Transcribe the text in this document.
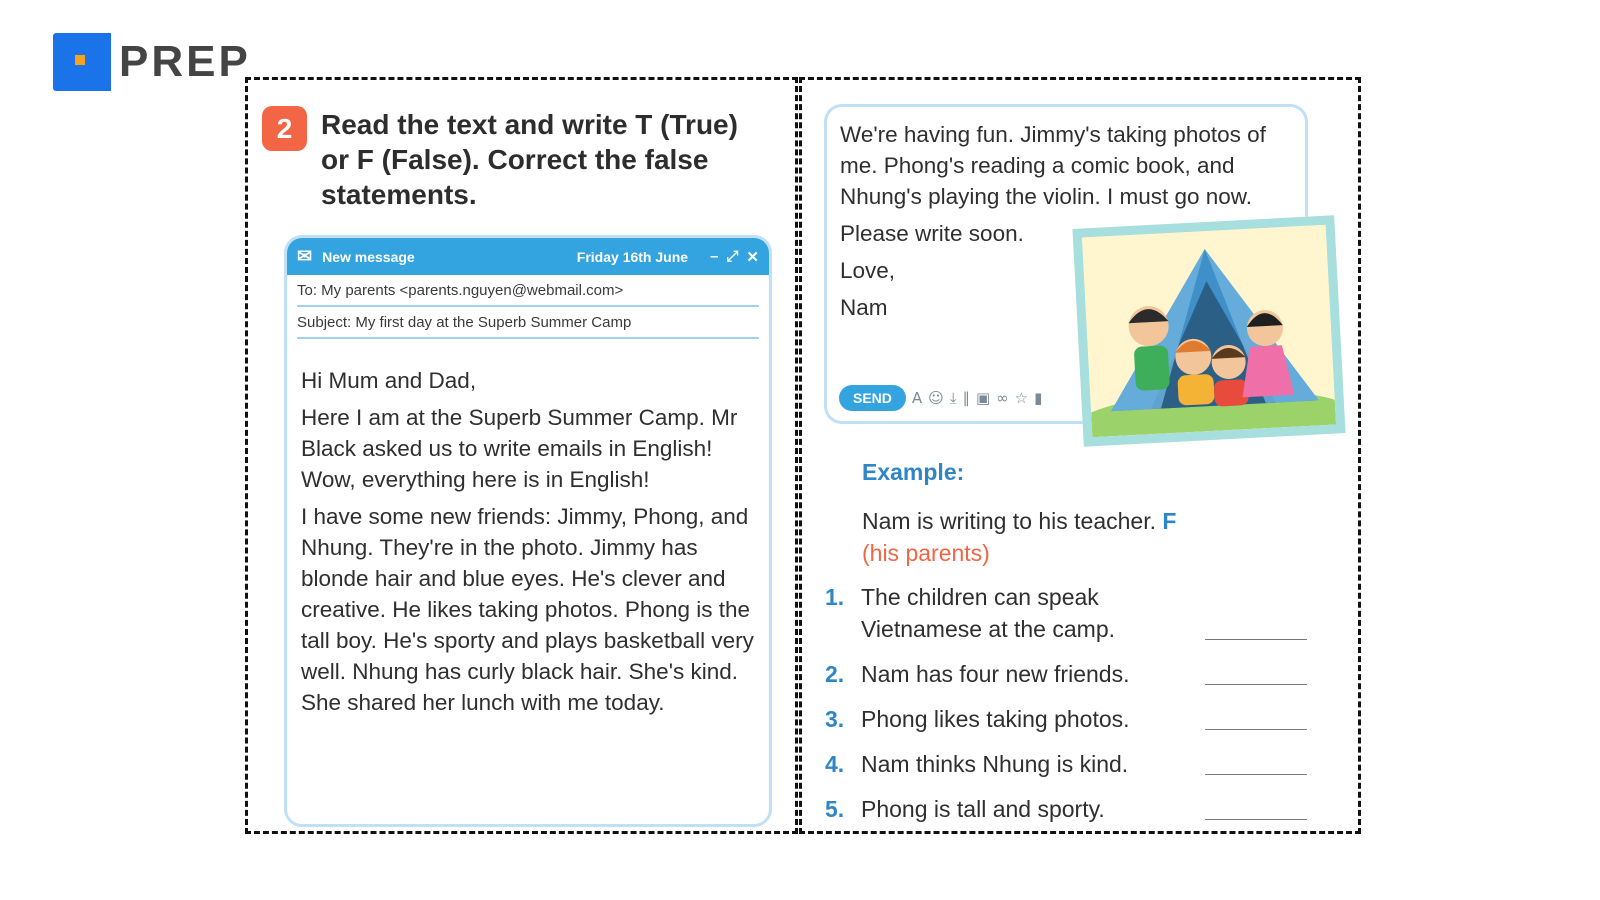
PREP
2	Read the text and write T (True) or F (False). Correct the false statements.

✉ New message	Friday 16th June – ⤢ ✕
To: My parents <parents.nguyen@webmail.com>
Subject: My first day at the Superb Summer Camp

Hi Mum and Dad,

Here I am at the Superb Summer Camp. Mr Black asked us to write emails in English! Wow, everything here is in English!

I have some new friends: Jimmy, Phong, and Nhung. They're in the photo. Jimmy has blonde hair and blue eyes. He's clever and creative. He likes taking photos. Phong is the tall boy. He's sporty and plays basketball very well. Nhung has curly black hair. She's kind. She shared her lunch with me today.

We're having fun. Jimmy's taking photos of me. Phong's reading a comic book, and Nhung's playing the violin. I must go now.

Please write soon.

Love,

Nam

SEND	A ☺ ⤓ ∥ ▣ ∞ ☆ ▮
Example:
Nam is writing to his teacher. F
(his parents)
1. The children can speak Vietnamese at the camp.
2. Nam has four new friends.
3. Phong likes taking photos.
4. Nam thinks Nhung is kind.
5. Phong is tall and sporty.
